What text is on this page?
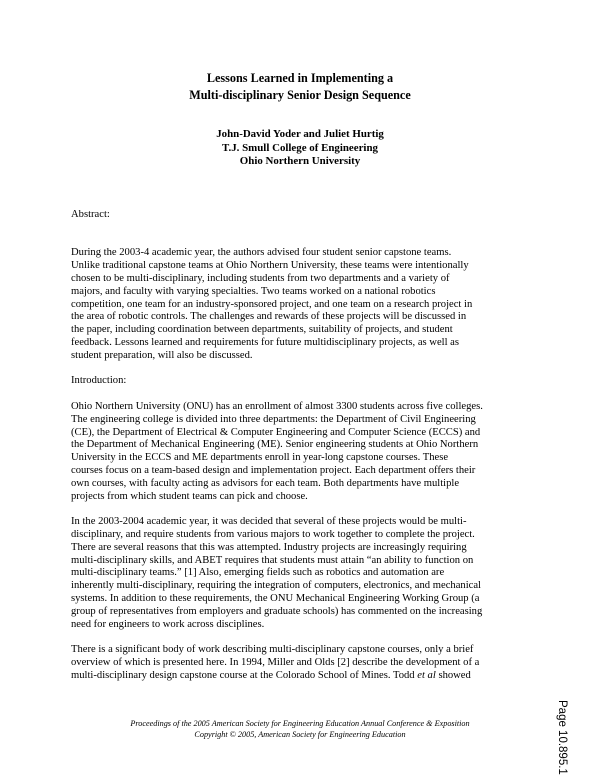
Lessons Learned in Implementing a
Multi-disciplinary Senior Design Sequence
John-David Yoder and Juliet Hurtig
T.J. Smull College of Engineering
Ohio Northern University
Abstract:
During the 2003-4 academic year, the authors advised four student senior capstone teams.
Unlike traditional capstone teams at Ohio Northern University, these teams were intentionally
chosen to be multi-disciplinary, including students from two departments and a variety of
majors, and faculty with varying specialties. Two teams worked on a national robotics
competition, one team for an industry-sponsored project, and one team on a research project in
the area of robotic controls. The challenges and rewards of these projects will be discussed in
the paper, including coordination between departments, suitability of projects, and student
feedback. Lessons learned and requirements for future multidisciplinary projects, as well as
student preparation, will also be discussed.
Introduction:
Ohio Northern University (ONU) has an enrollment of almost 3300 students across five colleges.
The engineering college is divided into three departments: the Department of Civil Engineering
(CE), the Department of Electrical & Computer Engineering and Computer Science (ECCS) and
the Department of Mechanical Engineering (ME). Senior engineering students at Ohio Northern
University in the ECCS and ME departments enroll in year-long capstone courses. These
courses focus on a team-based design and implementation project. Each department offers their
own courses, with faculty acting as advisors for each team. Both departments have multiple
projects from which student teams can pick and choose.
In the 2003-2004 academic year, it was decided that several of these projects would be multi-
disciplinary, and require students from various majors to work together to complete the project.
There are several reasons that this was attempted. Industry projects are increasingly requiring
multi-disciplinary skills, and ABET requires that students must attain “an ability to function on
multi-disciplinary teams.” [1] Also, emerging fields such as robotics and automation are
inherently multi-disciplinary, requiring the integration of computers, electronics, and mechanical
systems. In addition to these requirements, the ONU Mechanical Engineering Working Group (a
group of representatives from employers and graduate schools) has commented on the increasing
need for engineers to work across disciplines.
There is a significant body of work describing multi-disciplinary capstone courses, only a brief
overview of which is presented here. In 1994, Miller and Olds [2] describe the development of a
multi-disciplinary design capstone course at the Colorado School of Mines. Todd et al showed
Proceedings of the 2005 American Society for Engineering Education Annual Conference & Exposition
Copyright © 2005, American Society for Engineering Education	Page 10.895.1
